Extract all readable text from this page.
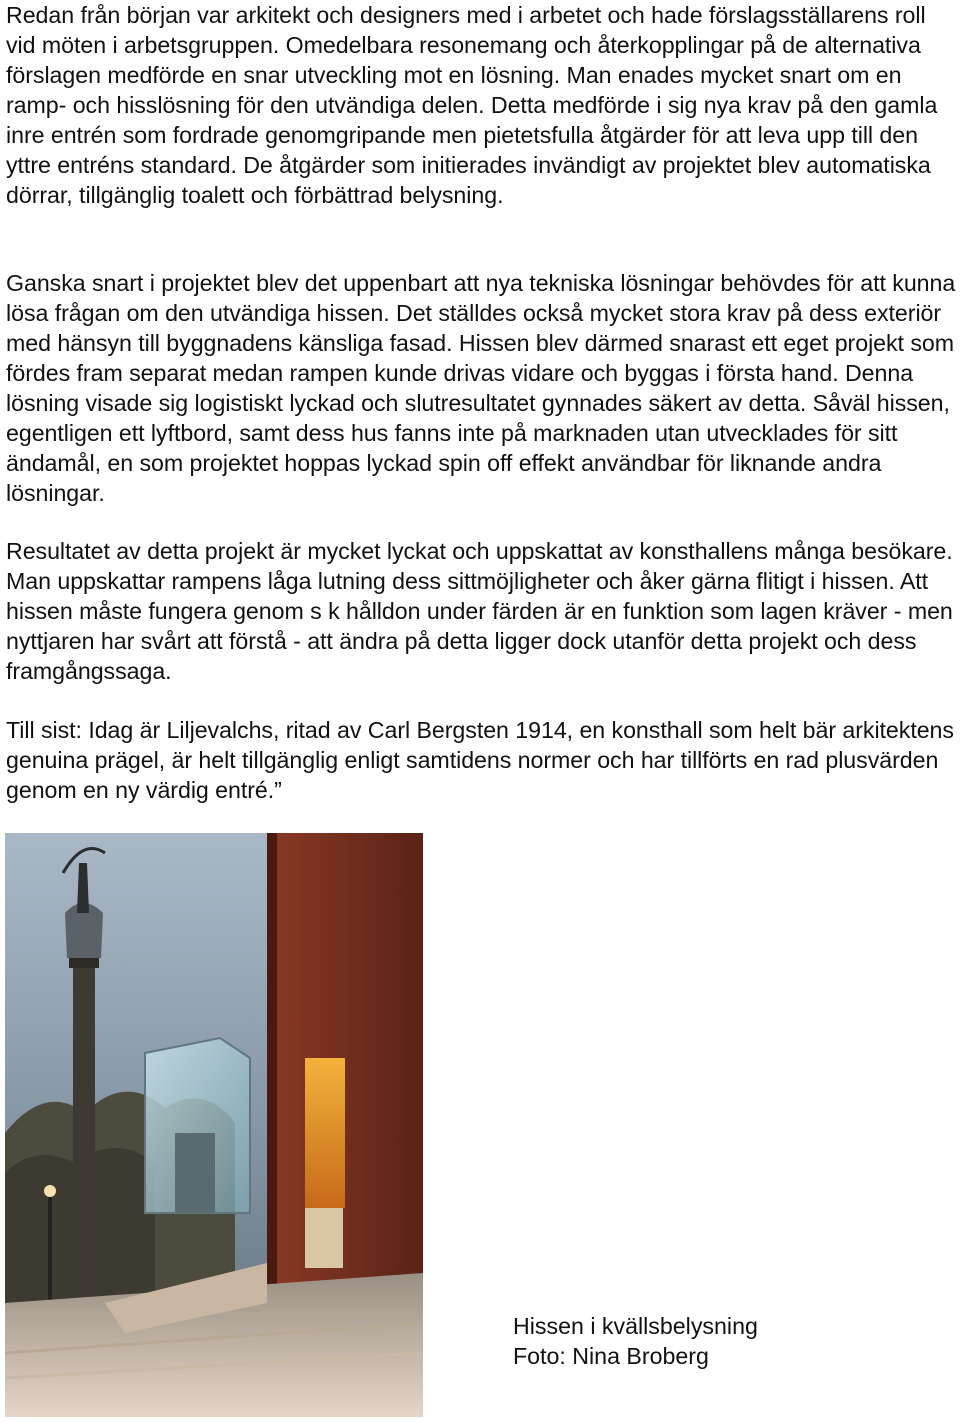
Redan från början var arkitekt och designers med i arbetet och hade förslagsställarens roll vid möten i arbetsgruppen. Omedelbara resonemang och återkopplingar på de alternativa förslagen medförde en snar utveckling mot en lösning. Man enades mycket snart om en ramp- och hisslösning för den utvändiga delen. Detta medförde i sig nya krav på den gamla inre entrén som fordrade genomgripande men pietetsfulla åtgärder för att leva upp till den yttre entréns standard. De åtgärder som initierades invändigt av projektet blev automatiska dörrar, tillgänglig toalett och förbättrad belysning.

Ganska snart i projektet blev det uppenbart att nya tekniska lösningar behövdes för att kunna lösa frågan om den utvändiga hissen. Det ställdes också mycket stora krav på dess exteriör med hänsyn till byggnadens känsliga fasad. Hissen blev därmed snarast ett eget projekt som fördes fram separat medan rampen kunde drivas vidare och byggas i första hand. Denna lösning visade sig logistiskt lyckad och slutresultatet gynnades säkert av detta. Såväl hissen, egentligen ett lyftbord, samt dess hus fanns inte på marknaden utan utvecklades för sitt ändamål, en som projektet hoppas lyckad spin off effekt användbar för liknande andra lösningar.

Resultatet av detta projekt är mycket lyckat och uppskattat av konsthallens många besökare. Man uppskattar rampens låga lutning dess sittmöjligheter och åker gärna flitigt i hissen. Att hissen måste fungera genom s k hålldon under färden är en funktion som lagen kräver - men nyttjaren har svårt att förstå - att ändra på detta ligger dock utanför detta projekt och dess framgångssaga.

Till sist: Idag är Liljevalchs, ritad av Carl Bergsten 1914, en konsthall som helt bär arkitektens genuina prägel, är helt tillgänglig enligt samtidens normer och har tillförts en rad plusvärden genom en ny värdig entré.”

Hissen i kvällsbelysning
Foto: Nina Broberg
